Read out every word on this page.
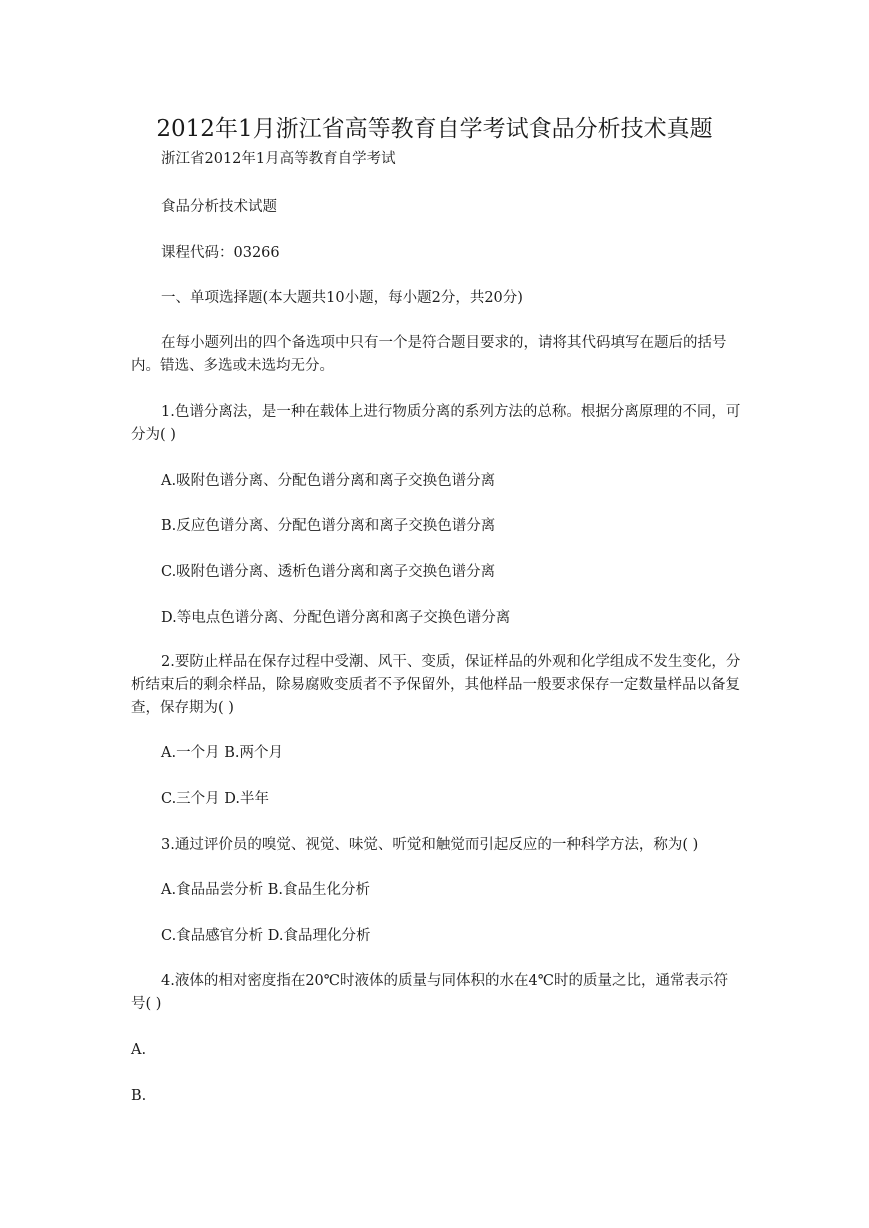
2012年1月浙江省高等教育自学考试食品分析技术真题
浙江省2012年1月高等教育自学考试
食品分析技术试题
课程代码：03266
一、单项选择题(本大题共10小题，每小题2分，共20分)
在每小题列出的四个备选项中只有一个是符合题目要求的，请将其代码填写在题后的括号内。错选、多选或未选均无分。
1.色谱分离法，是一种在载体上进行物质分离的系列方法的总称。根据分离原理的不同，可分为( )
A.吸附色谱分离、分配色谱分离和离子交换色谱分离
B.反应色谱分离、分配色谱分离和离子交换色谱分离
C.吸附色谱分离、透析色谱分离和离子交换色谱分离
D.等电点色谱分离、分配色谱分离和离子交换色谱分离
2.要防止样品在保存过程中受潮、风干、变质，保证样品的外观和化学组成不发生变化，分析结束后的剩余样品，除易腐败变质者不予保留外，其他样品一般要求保存一定数量样品以备复查，保存期为( )
A.一个月 B.两个月
C.三个月 D.半年
3.通过评价员的嗅觉、视觉、味觉、听觉和触觉而引起反应的一种科学方法，称为( )
A.食品品尝分析 B.食品生化分析
C.食品感官分析 D.食品理化分析
4.液体的相对密度指在20℃时液体的质量与同体积的水在4℃时的质量之比，通常表示符号( )
A.
B.
